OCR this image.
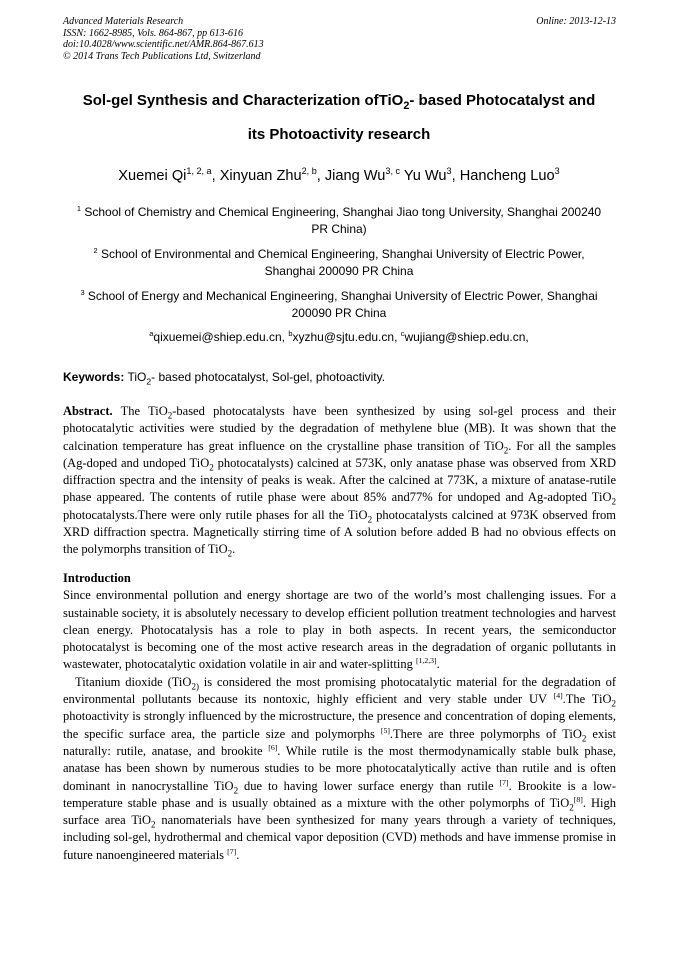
Advanced Materials Research
ISSN: 1662-8985, Vols. 864-867, pp 613-616
doi:10.4028/www.scientific.net/AMR.864-867.613
© 2014 Trans Tech Publications Ltd, Switzerland
Online: 2013-12-13
Sol-gel Synthesis and Characterization ofTiO$_2$- based Photocatalyst and
its Photoactivity research
Xuemei Qi$^{1, 2, a}$, Xinyuan Zhu$^{2, b}$, Jiang Wu$^{3, c}$ Yu Wu$^3$, Hancheng Luo$^3$
$^1$ School of Chemistry and Chemical Engineering, Shanghai Jiao tong University, Shanghai 200240
PR China)
$^2$ School of Environmental and Chemical Engineering, Shanghai University of Electric Power,
Shanghai 200090 PR China
$^3$ School of Energy and Mechanical Engineering, Shanghai University of Electric Power, Shanghai
200090 PR China
$^a$qixuemei@shiep.edu.cn, $^b$xyzhu@sjtu.edu.cn, $^c$wujiang@shiep.edu.cn,
Keywords: TiO$_2$- based photocatalyst, Sol-gel, photoactivity.
Abstract. The TiO$_2$-based photocatalysts have been synthesized by using sol-gel process and their photocatalytic activities were studied by the degradation of methylene blue (MB). It was shown that the calcination temperature has great influence on the crystalline phase transition of TiO$_2$. For all the samples (Ag-doped and undoped TiO$_2$ photocatalysts) calcined at 573K, only anatase phase was observed from XRD diffraction spectra and the intensity of peaks is weak. After the calcined at 773K, a mixture of anatase-rutile phase appeared. The contents of rutile phase were about 85% and77% for undoped and Ag-adopted TiO$_2$ photocatalysts.There were only rutile phases for all the TiO$_2$ photocatalysts calcined at 973K observed from XRD diffraction spectra. Magnetically stirring time of A solution before added B had no obvious effects on the polymorphs transition of TiO$_2$.
Introduction

Since environmental pollution and energy shortage are two of the world’s most challenging issues. For a sustainable society, it is absolutely necessary to develop efficient pollution treatment technologies and harvest clean energy. Photocatalysis has a role to play in both aspects. In recent years, the semiconductor photocatalyst is becoming one of the most active research areas in the degradation of organic pollutants in wastewater, photocatalytic oxidation volatile in air and water-splitting [1,2,3].

Titanium dioxide (TiO$_{2)}$ is considered the most promising photocatalytic material for the degradation of environmental pollutants because its nontoxic, highly efficient and very stable under UV [4].The TiO$_2$ photoactivity is strongly influenced by the microstructure, the presence and concentration of doping elements, the specific surface area, the particle size and polymorphs [5].There are three polymorphs of TiO$_2$ exist naturally: rutile, anatase, and brookite [6]. While rutile is the most thermodynamically stable bulk phase, anatase has been shown by numerous studies to be more photocatalytically active than rutile and is often dominant in nanocrystalline TiO$_2$ due to having lower surface energy than rutile [7]. Brookite is a low-temperature stable phase and is usually obtained as a mixture with the other polymorphs of TiO$_2$[8]. High surface area TiO$_2$ nanomaterials have been synthesized for many years through a variety of techniques, including sol-gel, hydrothermal and chemical vapor deposition (CVD) methods and have immense promise in future nanoengineered materials [7].
